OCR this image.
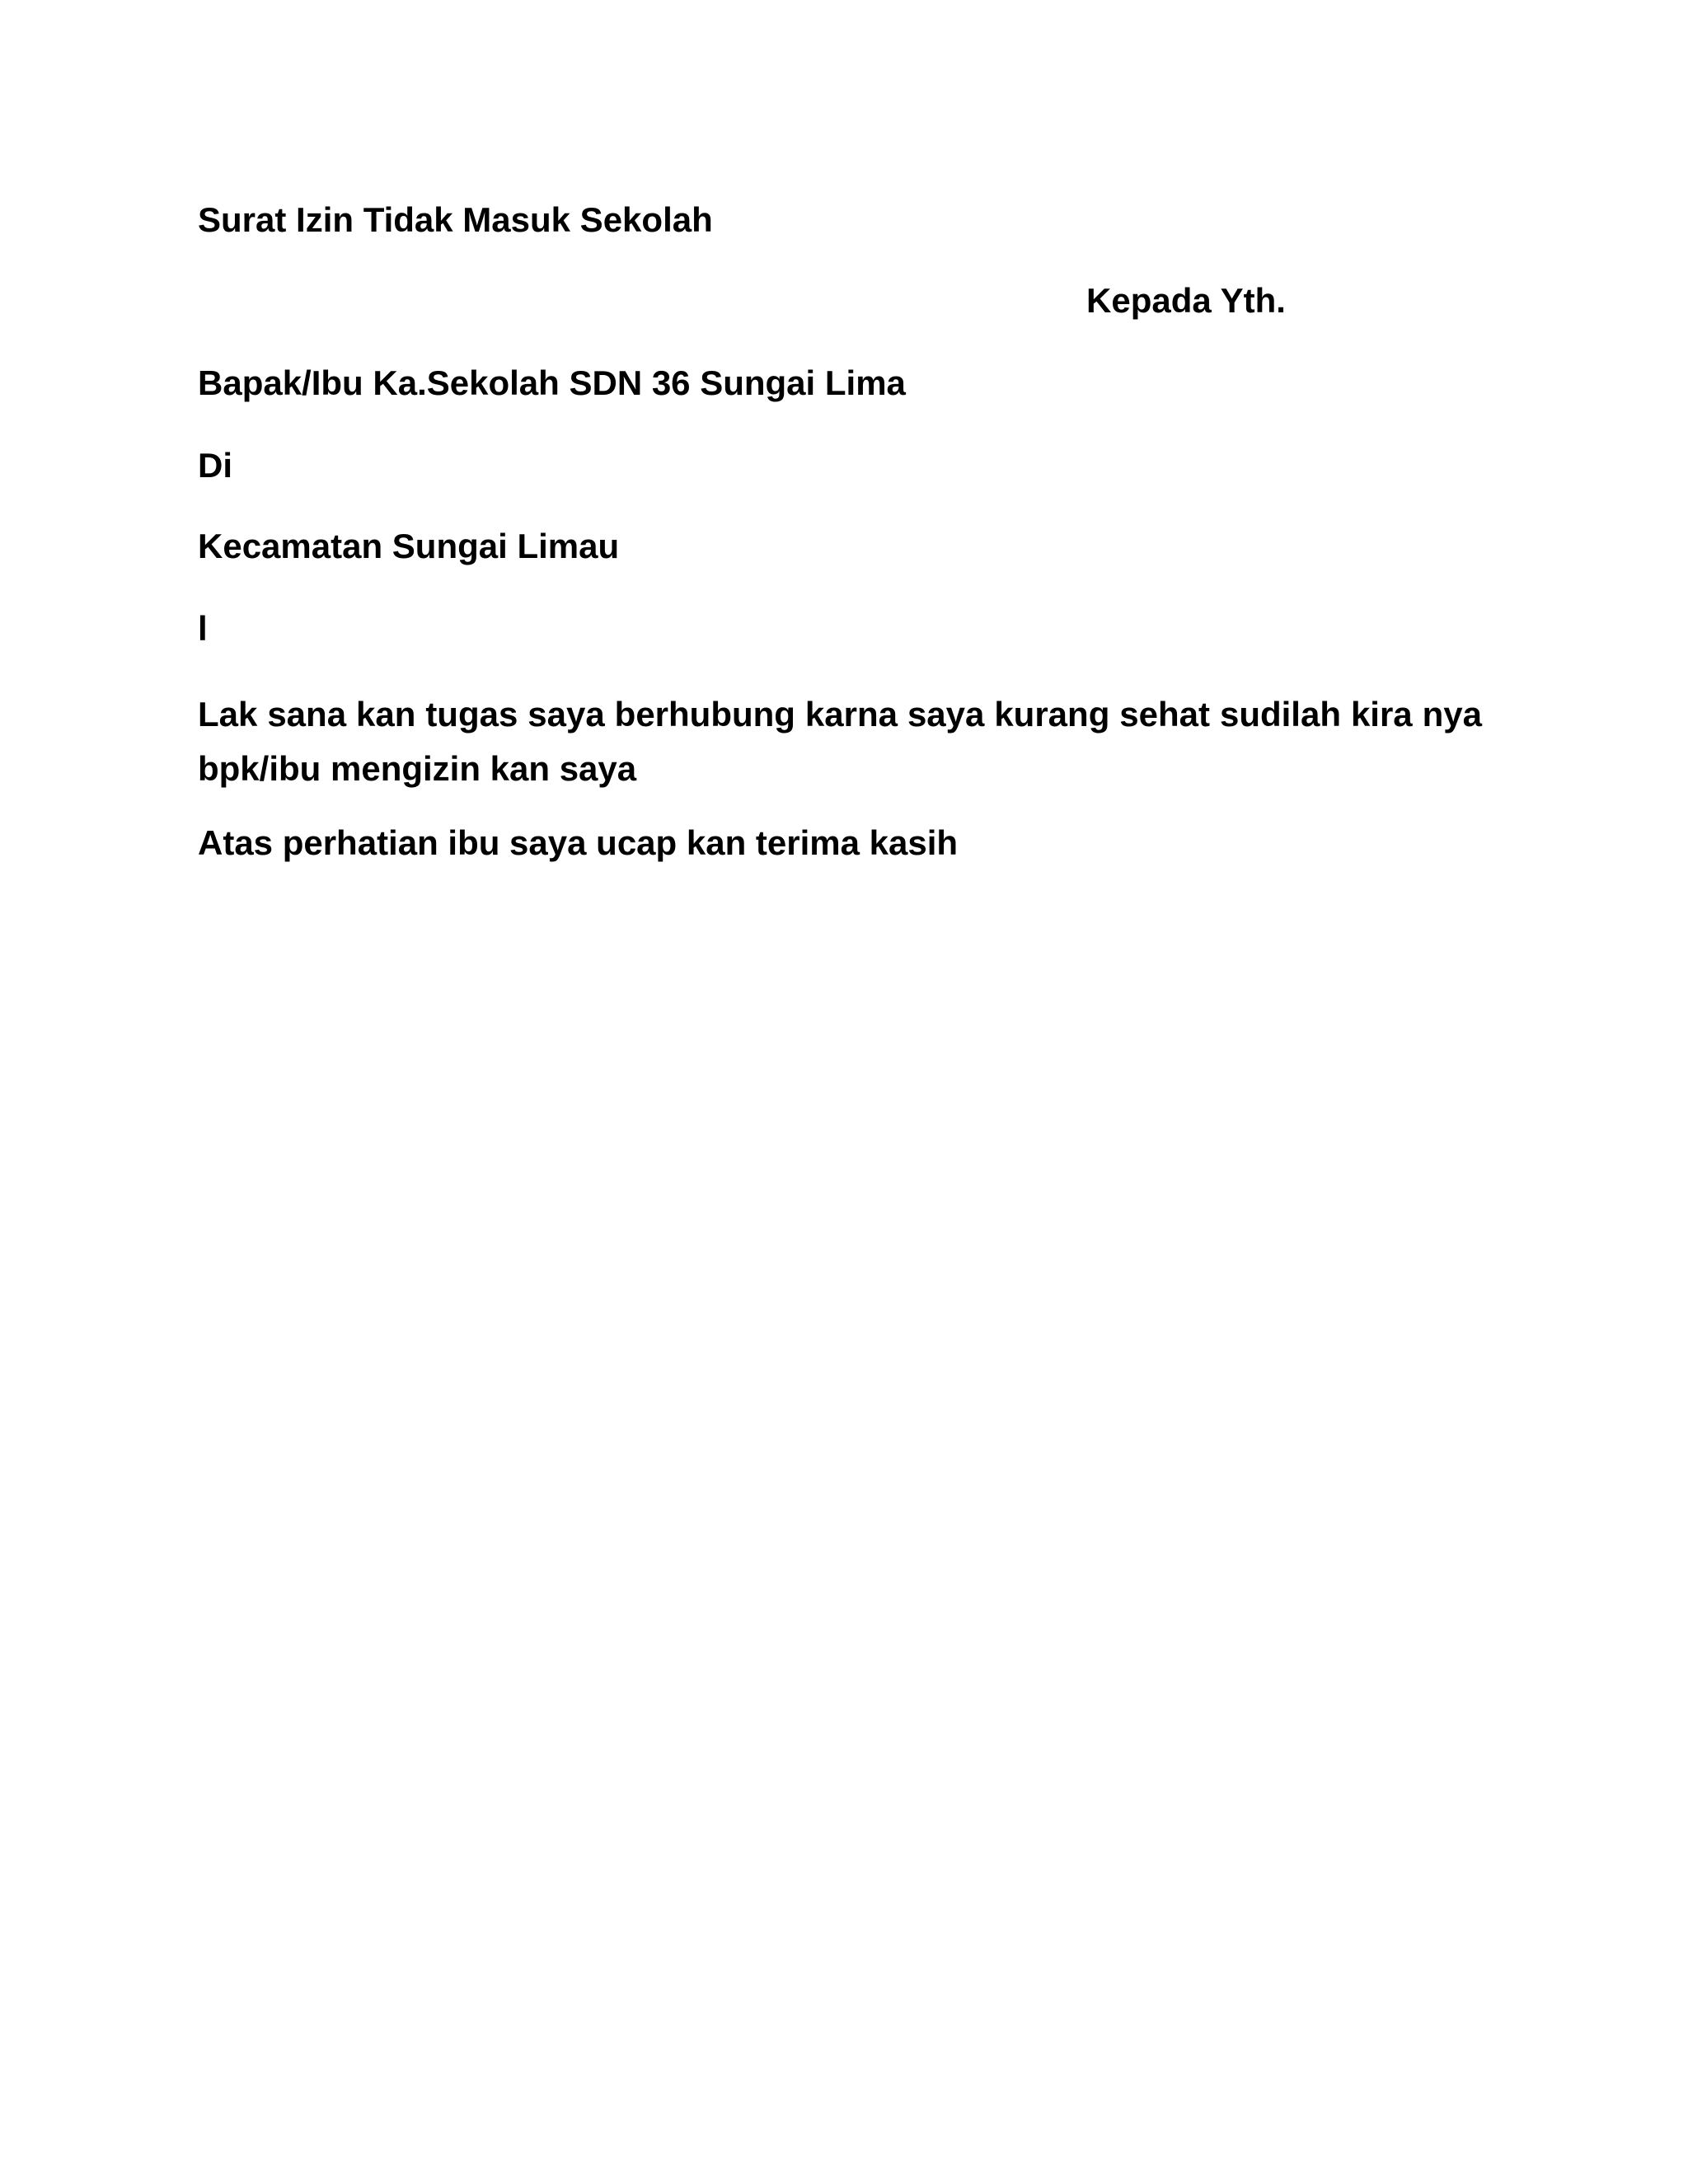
Surat Izin Tidak Masuk Sekolah

Kepada Yth.

Bapak/Ibu Ka.Sekolah SDN 36 Sungai Lima

Di

Kecamatan Sungai Limau

l

Lak sana kan tugas saya berhubung karna saya kurang sehat sudilah kira nya bpk/ibu mengizin kan saya

Atas perhatian ibu saya ucap kan terima kasih
